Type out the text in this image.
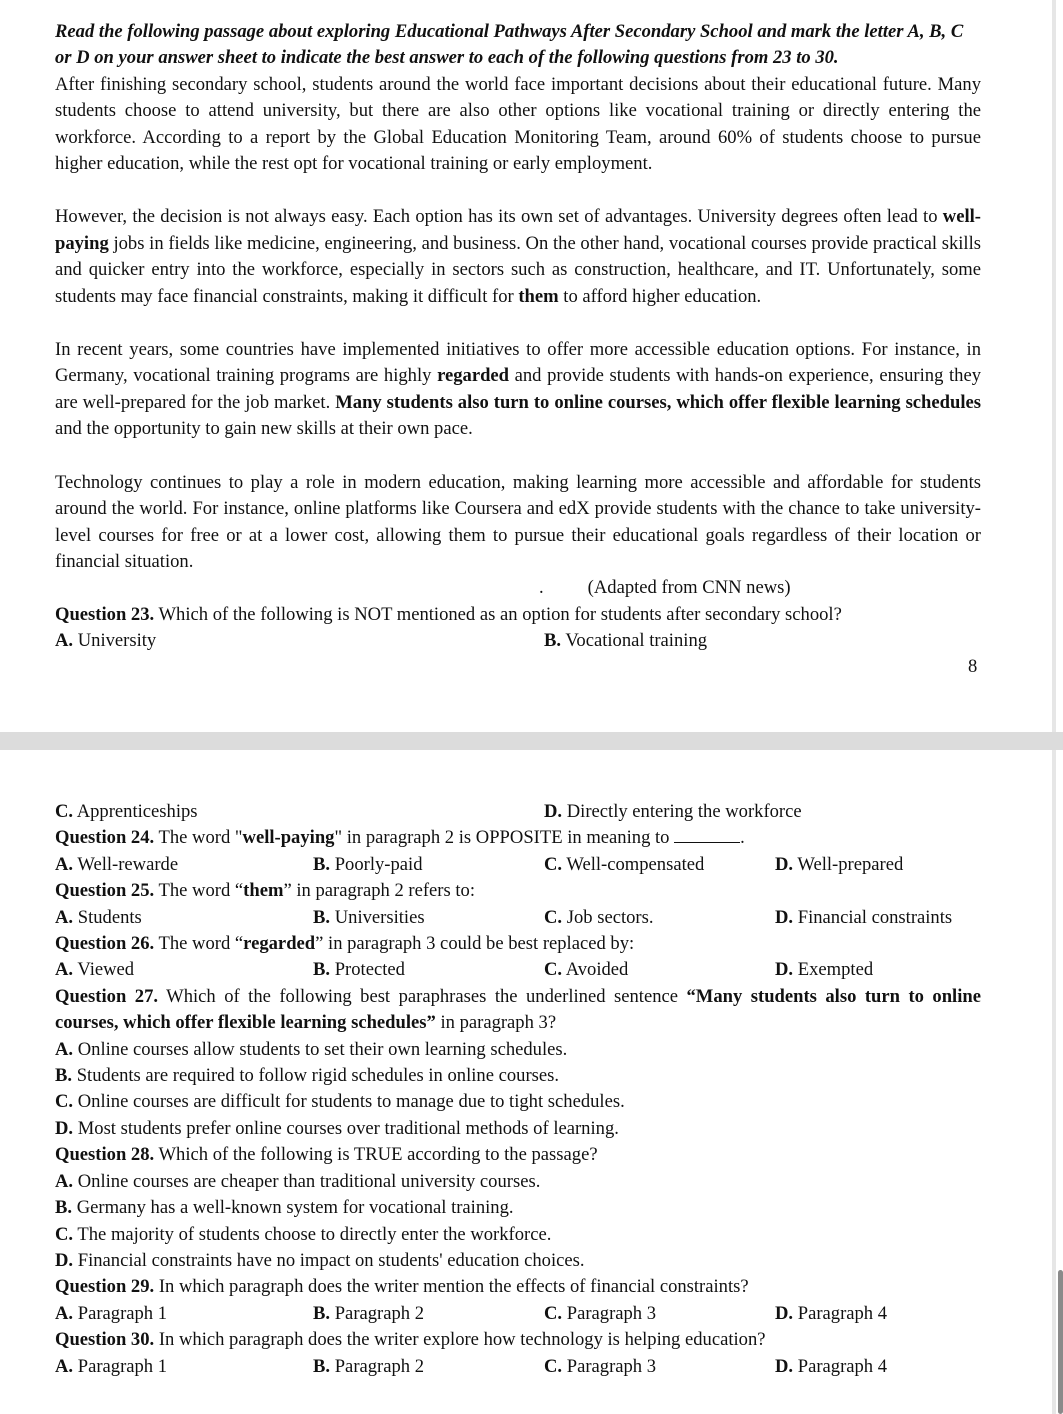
Read the following passage about exploring Educational Pathways After Secondary School and mark the letter A, B, C or D on your answer sheet to indicate the best answer to each of the following questions from 23 to 30.

After finishing secondary school, students around the world face important decisions about their educational future. Many students choose to attend university, but there are also other options like vocational training or directly entering the workforce. According to a report by the Global Education Monitoring Team, around 60% of students choose to pursue higher education, while the rest opt for vocational training or early employment.

However, the decision is not always easy. Each option has its own set of advantages. University degrees often lead to well-paying jobs in fields like medicine, engineering, and business. On the other hand, vocational courses provide practical skills and quicker entry into the workforce, especially in sectors such as construction, healthcare, and IT. Unfortunately, some students may face financial constraints, making it difficult for them to afford higher education.

In recent years, some countries have implemented initiatives to offer more accessible education options. For instance, in Germany, vocational training programs are highly regarded and provide students with hands-on experience, ensuring they are well-prepared for the job market. Many students also turn to online courses, which offer flexible learning schedules and the opportunity to gain new skills at their own pace.

Technology continues to play a role in modern education, making learning more accessible and affordable for students around the world. For instance, online platforms like Coursera and edX provide students with the chance to take university-level courses for free or at a lower cost, allowing them to pursue their educational goals regardless of their location or financial situation.

. (Adapted from CNN news)

Question 23. Which of the following is NOT mentioned as an option for students after secondary school?

A. University	B. Vocational training

8

C. Apprenticeships	D. Directly entering the workforce

Question 24. The word "well-paying" in paragraph 2 is OPPOSITE in meaning to	.

A. Well-rewarde	B. Poorly-paid	C. Well-compensated	D. Well-prepared

Question 25. The word “them” in paragraph 2 refers to:

A. Students	B. Universities	C. Job sectors.	D. Financial constraints

Question 26. The word “regarded” in paragraph 3 could be best replaced by:

A. Viewed	B. Protected	C. Avoided	D. Exempted

Question 27. Which of the following best paraphrases the underlined sentence “Many students also turn to online courses, which offer flexible learning schedules” in paragraph 3?

A. Online courses allow students to set their own learning schedules.

B. Students are required to follow rigid schedules in online courses.

C. Online courses are difficult for students to manage due to tight schedules.

D. Most students prefer online courses over traditional methods of learning.

Question 28. Which of the following is TRUE according to the passage?

A. Online courses are cheaper than traditional university courses.

B. Germany has a well-known system for vocational training.

C. The majority of students choose to directly enter the workforce.

D. Financial constraints have no impact on students' education choices.

Question 29. In which paragraph does the writer mention the effects of financial constraints?

A. Paragraph 1	B. Paragraph 2	C. Paragraph 3	D. Paragraph 4

Question 30. In which paragraph does the writer explore how technology is helping education?

A. Paragraph 1	B. Paragraph 2	C. Paragraph 3	D. Paragraph 4
